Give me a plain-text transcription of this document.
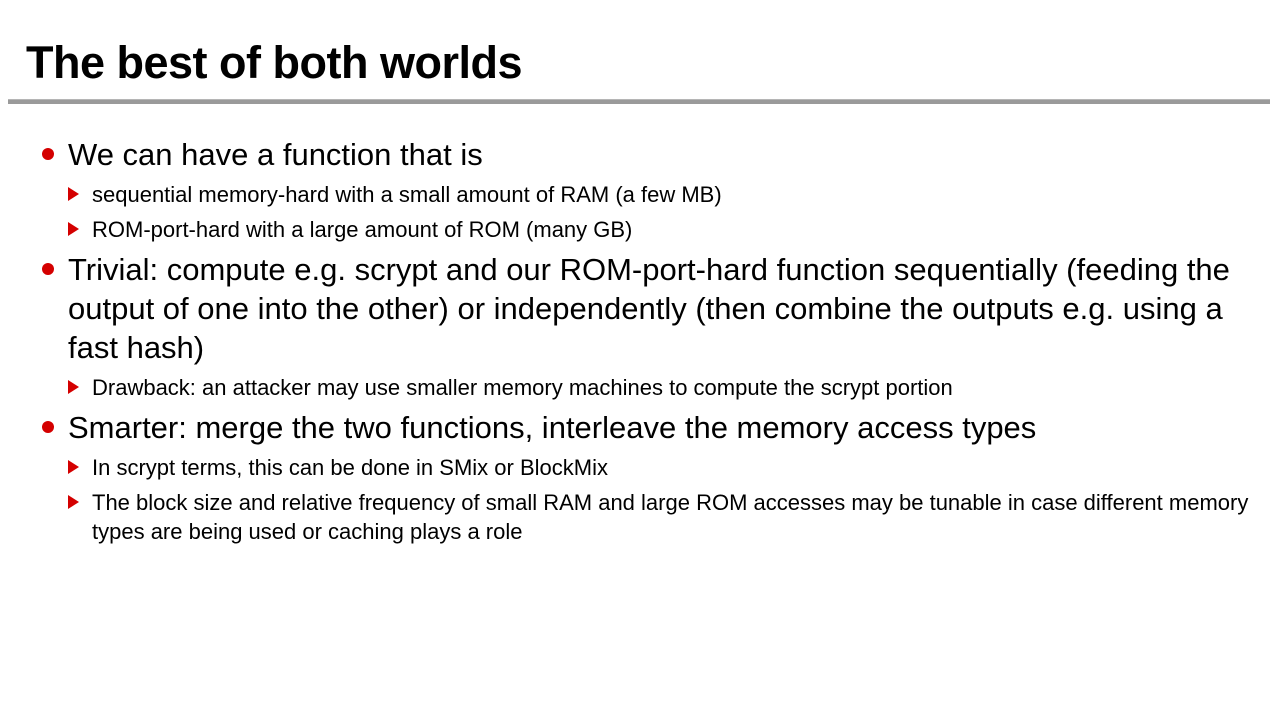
The best of both worlds
We can have a function that is
sequential memory-hard with a small amount of RAM (a few MB)
ROM-port-hard with a large amount of ROM (many GB)
Trivial: compute e.g. scrypt and our ROM-port-hard function sequentially (feeding the output of one into the other) or independently (then combine the outputs e.g. using a fast hash)
Drawback: an attacker may use smaller memory machines to compute the scrypt portion
Smarter: merge the two functions, interleave the memory access types
In scrypt terms, this can be done in SMix or BlockMix
The block size and relative frequency of small RAM and large ROM accesses may be tunable in case different memory types are being used or caching plays a role
